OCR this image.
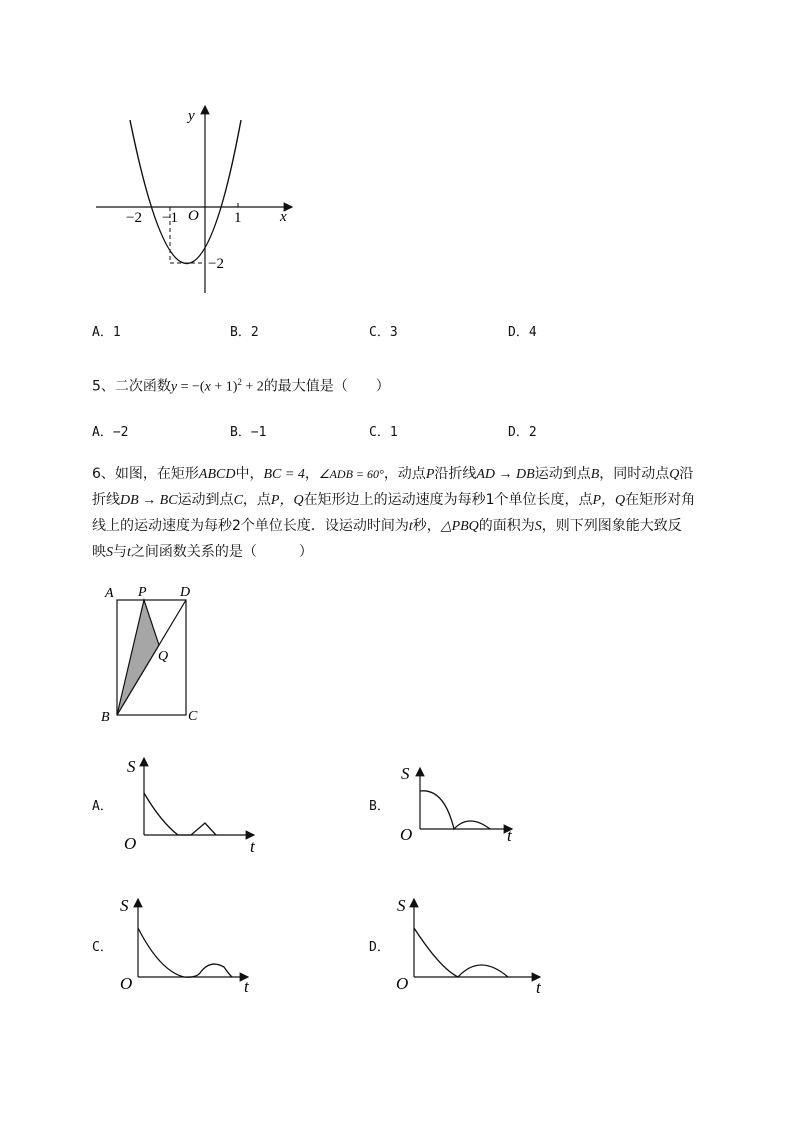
y
x
O
−2 −1	1
−2
A．1	B．2	C．3	D．4
5、二次函数$y = -(x + 1)^2 + 2$的最大值是（　　）
A．−2	B．−1	C．1	D．2
6、如图，在矩形ABCD中，BC = 4，∠ADB = 60°，动点P沿折线AD → DB运动到点B，同时动点Q沿
折线DB → BC运动到点C，点P，Q在矩形边上的运动速度为每秒1个单位长度，点P，Q在矩形对角
线上的运动速度为每秒2个单位长度．设运动时间为t秒，△PBQ的面积为S，则下列图象能大致反
映S与t之间函数关系的是（　　　）
A P D
Q
B	C
A．	B．
C．	D．
S
O	t
S
O	t
S
O	t
S
O	t
